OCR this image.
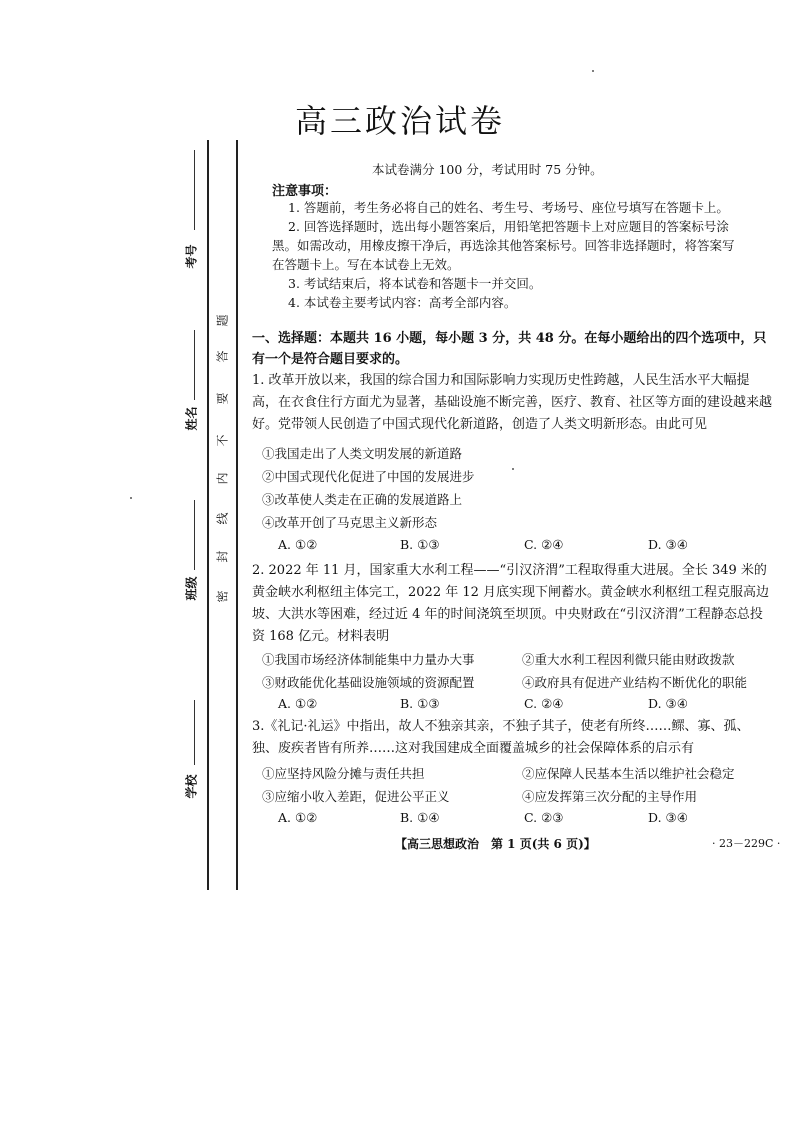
考号
姓名
班级
学校
题
答
要
不
内
线
封
密
高三政治试卷
本试卷满分 100 分，考试用时 75 分钟。
注意事项：
1. 答题前，考生务必将自己的姓名、考生号、考场号、座位号填写在答题卡上。
2. 回答选择题时，选出每小题答案后，用铅笔把答题卡上对应题目的答案标号涂黑。如需改动，用橡皮擦干净后，再选涂其他答案标号。回答非选择题时，将答案写在答题卡上。写在本试卷上无效。
3. 考试结束后，将本试卷和答题卡一并交回。
4. 本试卷主要考试内容：高考全部内容。
一、选择题：本题共 16 小题，每小题 3 分，共 48 分。在每小题给出的四个选项中，只有一个是符合题目要求的。
1. 改革开放以来，我国的综合国力和国际影响力实现历史性跨越，人民生活水平大幅提高，在衣食住行方面尤为显著，基础设施不断完善，医疗、教育、社区等方面的建设越来越好。党带领人民创造了中国式现代化新道路，创造了人类文明新形态。由此可见
①我国走出了人类文明发展的新道路
②中国式现代化促进了中国的发展进步
③改革使人类走在正确的发展道路上
④改革开创了马克思主义新形态
A. ①②	B. ①③	C. ②④	D. ③④
2. 2022 年 11 月，国家重大水利工程——“引汉济渭”工程取得重大进展。全长 349 米的黄金峡水利枢纽主体完工，2022 年 12 月底实现下闸蓄水。黄金峡水利枢纽工程克服高边坡、大洪水等困难，经过近 4 年的时间浇筑至坝顶。中央财政在“引汉济渭”工程静态总投资 168 亿元。材料表明
①我国市场经济体制能集中力量办大事	②重大水利工程因利微只能由财政拨款
③财政能优化基础设施领域的资源配置	④政府具有促进产业结构不断优化的职能
A. ①②	B. ①③	C. ②④	D. ③④
3.《礼记·礼运》中指出，故人不独亲其亲，不独子其子，使老有所终……鳏、寡、孤、独、废疾者皆有所养……这对我国建成全面覆盖城乡的社会保障体系的启示有
①应坚持风险分摊与责任共担	②应保障人民基本生活以维护社会稳定
③应缩小收入差距，促进公平正义	④应发挥第三次分配的主导作用
A. ①②	B. ①④	C. ②③	D. ③④
【高三思想政治　第 1 页(共 6 页)】	· 23－229C ·
